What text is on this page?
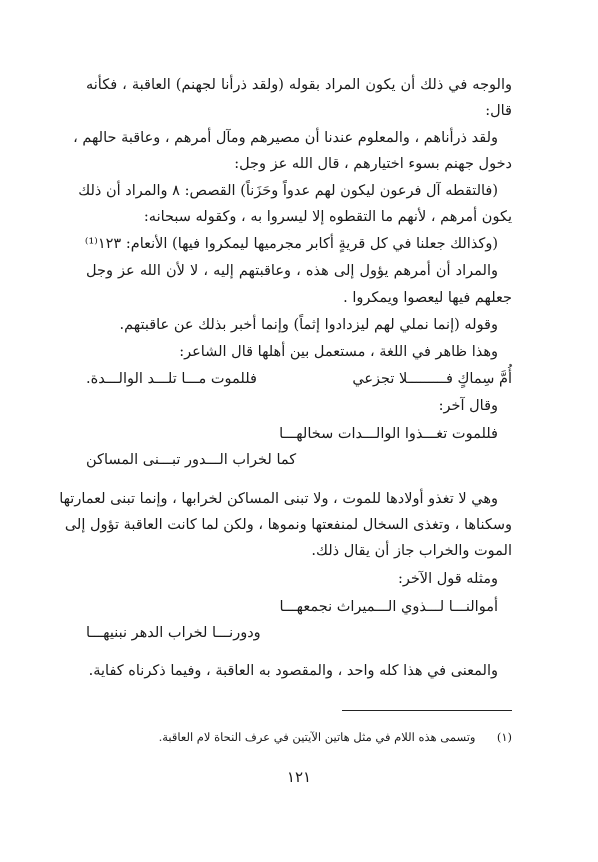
والوجه في ذلك أن يكون المراد بقوله (ولقد ذرأنا لجهنم) العاقبة ، فكأنه
قال:
ولقد ذرأناهم ، والمعلوم عندنا أن مصيرهم ومآل أمرهم ، وعاقبة حالهم ،
دخول جهنم بسوء اختيارهم ، قال الله عز وجل:
(فالتقطه آل فرعون ليكون لهم عدواً وحَزَناً) القصص: ٨ والمراد أن ذلك
يكون أمرهم ، لأنهم ما التقطوه إلا ليسروا به ، وكقوله سبحانه:
(وكذالك جعلنا في كل قريةٍ أكابر مجرميها ليمكروا فيها) الأنعام: ١٢٣⁽¹⁾
والمراد أن أمرهم يؤول إلى هذه ، وعاقبتهم إليه ، لا لأن الله عز وجل
جعلهم فيها ليعصوا ويمكروا .
وقوله (إنما نملي لهم ليزدادوا إثماً) وإنما أخبر بذلك عن عاقبتهم.
وهذا ظاهر في اللغة ، مستعمل بين أهلها قال الشاعر:
أُمَّ سِماكٍ فـــــــــلا تجزعي
فللموت مـــا تلـــد الوالـــدة.
وقال آخر:
فللموت تغـــذوا الوالـــدات سخالهـــا
كما لخراب الـــدور تبـــنى المساكن
وهي لا تغذو أولادها للموت ، ولا تبنى المساكن لخرابها ، وإنما تبنى لعمارتها
وسكناها ، وتغذى السخال لمنفعتها ونموها ، ولكن لما كانت العاقبة تؤول إلى
الموت والخراب جاز أن يقال ذلك.
ومثله قول الآخر:
أموالنـــا لـــذوي الـــميراث نجمعهـــا
ودورنـــا لخراب الدهر نبنيهـــا
والمعنى في هذا كله واحد ، والمقصود به العاقبة ، وفيما ذكرناه كفاية.
(١)  وتسمى هذه اللام في مثل هاتين الآيتين في عرف النحاة لام العاقبة.
١٢١
